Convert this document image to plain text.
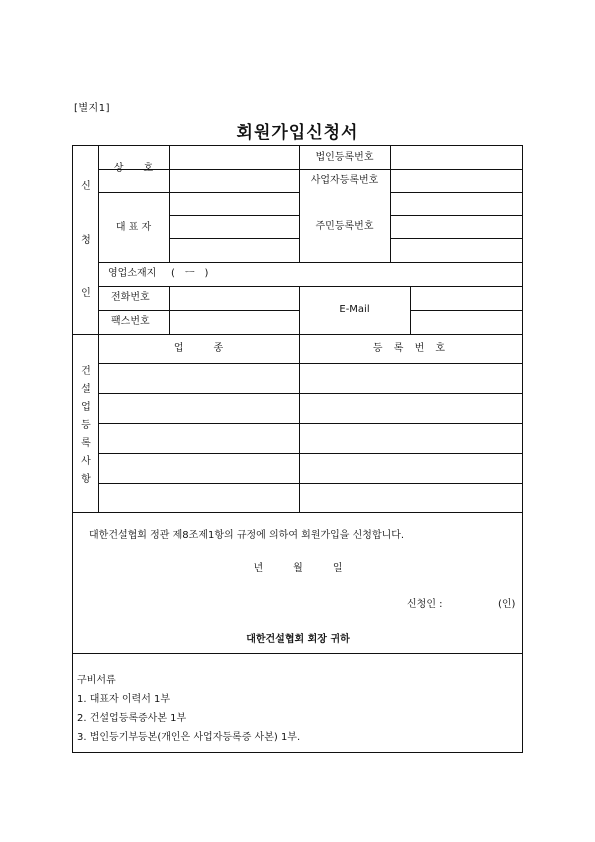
[별지1]
회원가입신청서
신
청
인
상　　호
대 표 자
법인등록번호
사업자등록번호
주민등록번호
영업소재지 (　ㅡ　)
전화번호
팩스번호
E-Mail
건
설
업
등
록
사
항
업　　　종	등 록 번 호
대한건설협회 정관 제8조제1항의 규정에 의하여 회원가입을 신청합니다.
년　　　월　　　일
신청인 :	(인)
대한건설협회 회장 귀하
구비서류
1. 대표자 이력서 1부
2. 건설업등록증사본 1부
3. 법인등기부등본(개인은 사업자등록증 사본) 1부.
